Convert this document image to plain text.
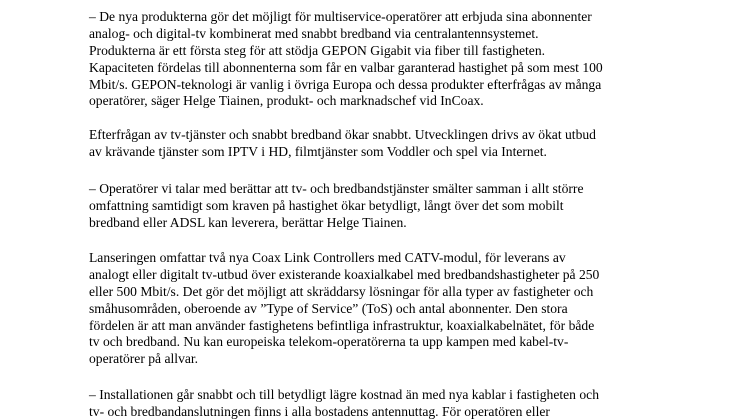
– De nya produkterna gör det möjligt för multiservice-operatörer att erbjuda sina abonnenter
analog- och digital-tv kombinerat med snabbt bredband via centralantennsystemet.
Produkterna är ett första steg för att stödja GEPON Gigabit via fiber till fastigheten.
Kapaciteten fördelas till abonnenterna som får en valbar garanterad hastighet på som mest 100
Mbit/s. GEPON-teknologi är vanlig i övriga Europa och dessa produkter efterfrågas av många
operatörer, säger Helge Tiainen, produkt- och marknadschef vid InCoax.
Efterfrågan av tv-tjänster och snabbt bredband ökar snabbt. Utvecklingen drivs av ökat utbud
av krävande tjänster som IPTV i HD, filmtjänster som Voddler och spel via Internet.
– Operatörer vi talar med berättar att tv- och bredbandstjänster smälter samman i allt större
omfattning samtidigt som kraven på hastighet ökar betydligt, långt över det som mobilt
bredband eller ADSL kan leverera, berättar Helge Tiainen.
Lanseringen omfattar två nya Coax Link Controllers med CATV-modul, för leverans av
analogt eller digitalt tv-utbud över existerande koaxialkabel med bredbandshastigheter på 250
eller 500 Mbit/s. Det gör det möjligt att skräddarsy lösningar för alla typer av fastigheter och
småhusområden, oberoende av ”Type of Service” (ToS) och antal abonnenter. Den stora
fördelen är att man använder fastighetens befintliga infrastruktur, koaxialkabelnätet, för både
tv och bredband. Nu kan europeiska telekom-operatörerna ta upp kampen med kabel-tv-
operatörer på allvar.
– Installationen går snabbt och till betydligt lägre kostnad än med nya kablar i fastigheten och
tv- och bredbandanslutningen finns i alla bostadens antennuttag. För operatören eller
